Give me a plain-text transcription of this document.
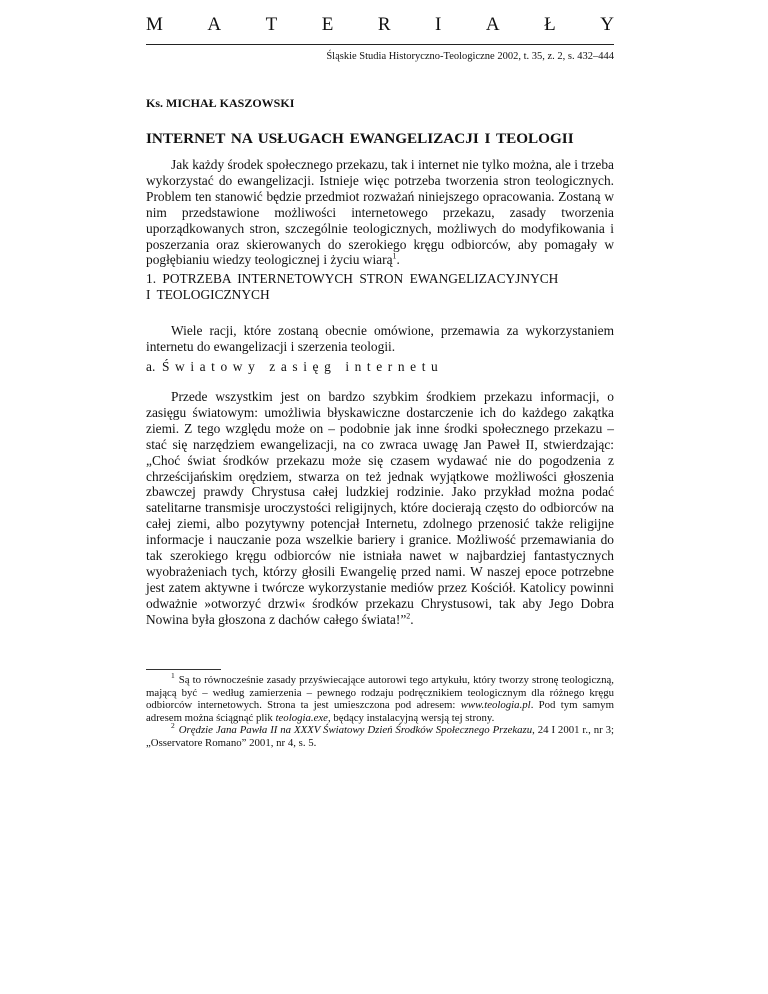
M A T E R I A Ł Y
Śląskie Studia Historyczno-Teologiczne 2002, t. 35, z. 2, s. 432–444
Ks. MICHAŁ KASZOWSKI
INTERNET NA USŁUGACH EWANGELIZACJI I TEOLOGII

Jak każdy środek społecznego przekazu, tak i internet nie tylko można, ale i trzeba wykorzystać do ewangelizacji. Istnieje więc potrzeba tworzenia stron teologicznych. Problem ten stanowić będzie przedmiot rozważań niniejszego opracowania. Zostaną w nim przedstawione możliwości internetowego przekazu, zasady tworzenia uporządkowanych stron, szczególnie teologicznych, możliwych do modyfikowania i poszerzania oraz skierowanych do szerokiego kręgu odbiorców, aby pomagały w pogłębianiu wiedzy teologicznej i życiu wiarą$^1$.

1. POTRZEBA INTERNETOWYCH STRON EWANGELIZACYJNYCH
I TEOLOGICZNYCH

Wiele racji, które zostaną obecnie omówione, przemawia za wykorzystaniem internetu do ewangelizacji i szerzenia teologii.

a. Światowy zasięg internetu

Przede wszystkim jest on bardzo szybkim środkiem przekazu informacji, o zasięgu światowym: umożliwia błyskawiczne dostarczenie ich do każdego zakątka ziemi. Z tego względu może on – podobnie jak inne środki społecznego przekazu – stać się narzędziem ewangelizacji, na co zwraca uwagę Jan Paweł II, stwierdzając: „Choć świat środków przekazu może się czasem wydawać nie do pogodzenia z chrześcijańskim orędziem, stwarza on też jednak wyjątkowe możliwości głoszenia zbawczej prawdy Chrystusa całej ludzkiej rodzinie. Jako przykład można podać satelitarne transmisje uroczystości religijnych, które docierają często do odbiorców na całej ziemi, albo pozytywny potencjał Internetu, zdolnego przenosić także religijne informacje i nauczanie poza wszelkie bariery i granice. Możliwość przemawiania do tak szerokiego kręgu odbiorców nie istniała nawet w najbardziej fantastycznych wyobrażeniach tych, którzy głosili Ewangelię przed nami. W naszej epoce potrzebne jest zatem aktywne i twórcze wykorzystanie mediów przez Kościół. Katolicy powinni odważnie »otworzyć drzwi« środków przekazu Chrystusowi, tak aby Jego Dobra Nowina była głoszona z dachów całego świata!”$^2$.

$^1$ Są to równocześnie zasady przyświecające autorowi tego artykułu, który tworzy stronę teologiczną, mającą być – według zamierzenia – pewnego rodzaju podręcznikiem teologicznym dla różnego kręgu odbiorców internetowych. Strona ta jest umieszczona pod adresem: www.teologia.pl. Pod tym samym adresem można ściągnąć plik teologia.exe, będący instalacyjną wersją tej strony.

$^2$ Orędzie Jana Pawła II na XXXV Światowy Dzień Środków Społecznego Przekazu, 24 I 2001 r., nr 3; „Osservatore Romano” 2001, nr 4, s. 5.
